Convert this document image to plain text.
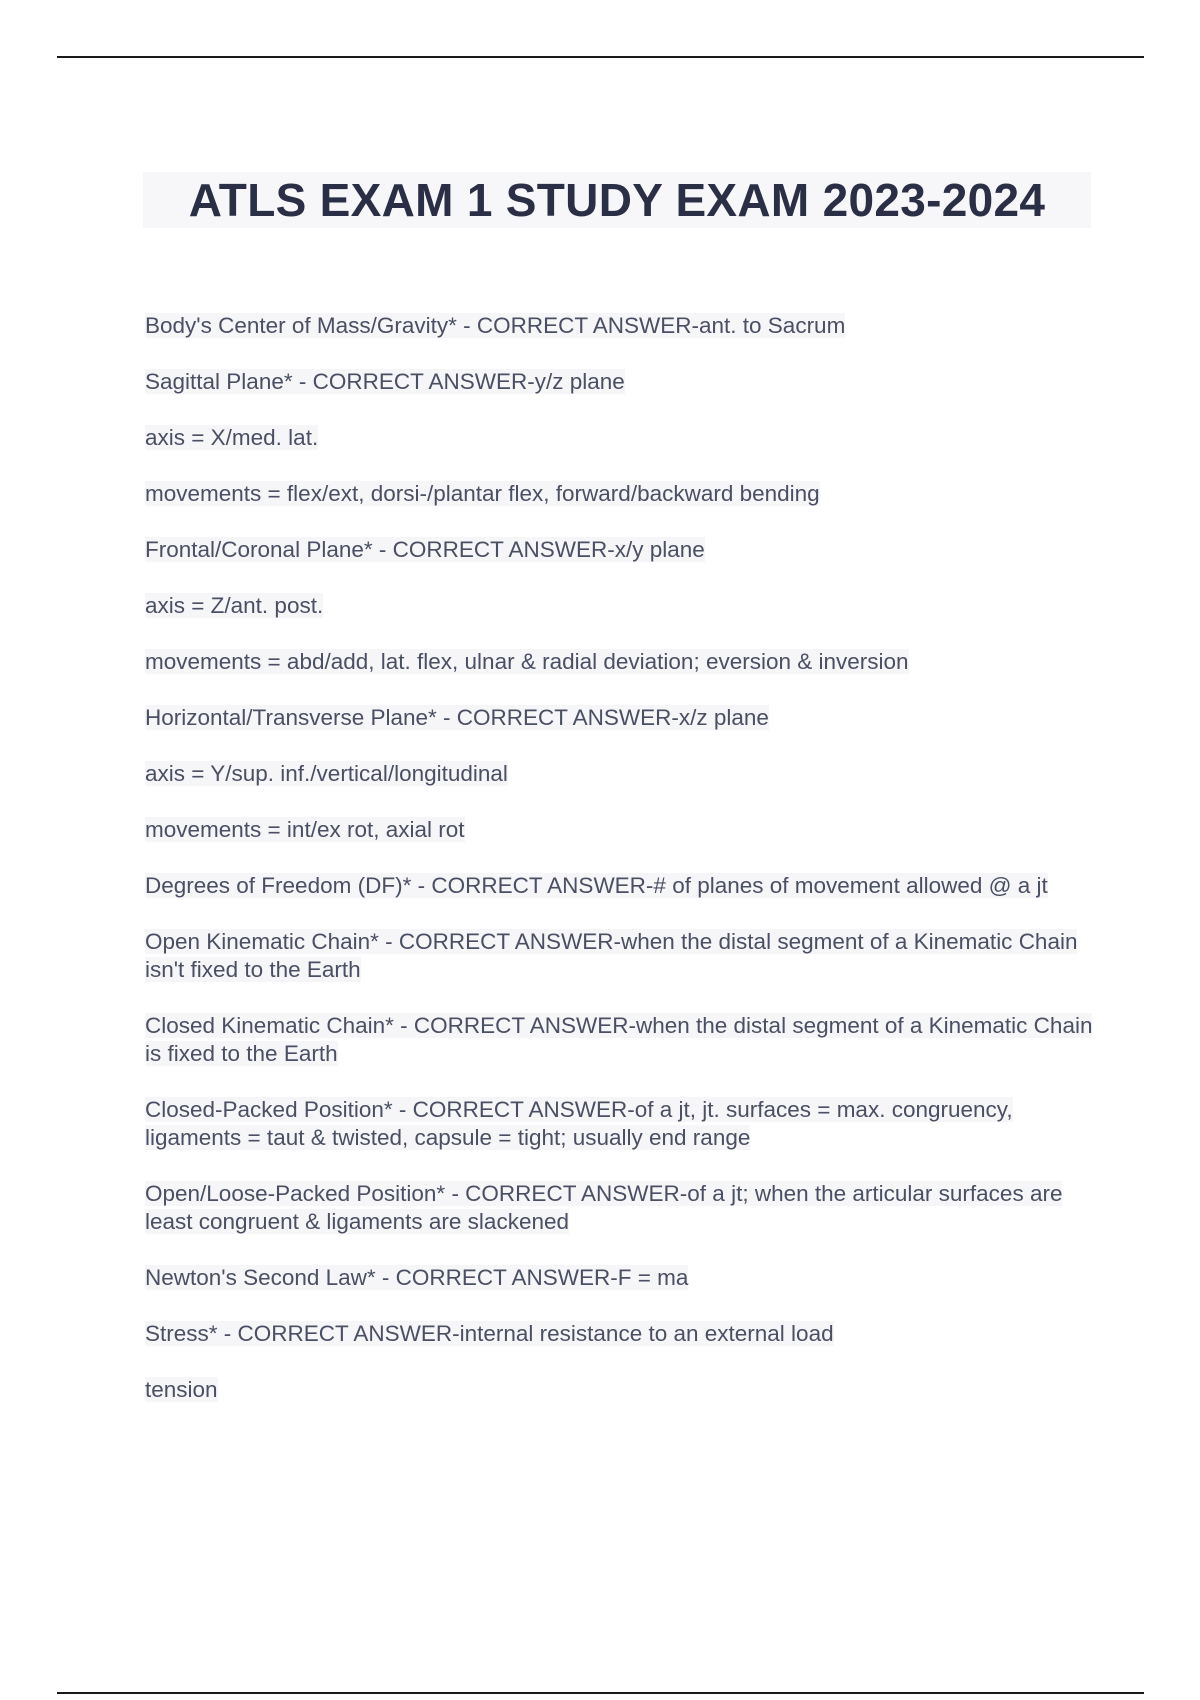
ATLS EXAM 1 STUDY EXAM 2023-2024

Body's Center of Mass/Gravity* - CORRECT ANSWER-ant. to Sacrum

Sagittal Plane* - CORRECT ANSWER-y/z plane

axis = X/med. lat.

movements = flex/ext, dorsi-/plantar flex, forward/backward bending

Frontal/Coronal Plane* - CORRECT ANSWER-x/y plane

axis = Z/ant. post.

movements = abd/add, lat. flex, ulnar & radial deviation; eversion & inversion

Horizontal/Transverse Plane* - CORRECT ANSWER-x/z plane

axis = Y/sup. inf./vertical/longitudinal

movements = int/ex rot, axial rot

Degrees of Freedom (DF)* - CORRECT ANSWER-# of planes of movement allowed @ a jt

Open Kinematic Chain* - CORRECT ANSWER-when the distal segment of a Kinematic Chain isn't fixed to the Earth

Closed Kinematic Chain* - CORRECT ANSWER-when the distal segment of a Kinematic Chain is fixed to the Earth

Closed-Packed Position* - CORRECT ANSWER-of a jt, jt. surfaces = max. congruency, ligaments = taut & twisted, capsule = tight; usually end range

Open/Loose-Packed Position* - CORRECT ANSWER-of a jt; when the articular surfaces are least congruent & ligaments are slackened

Newton's Second Law* - CORRECT ANSWER-F = ma

Stress* - CORRECT ANSWER-internal resistance to an external load

tension
